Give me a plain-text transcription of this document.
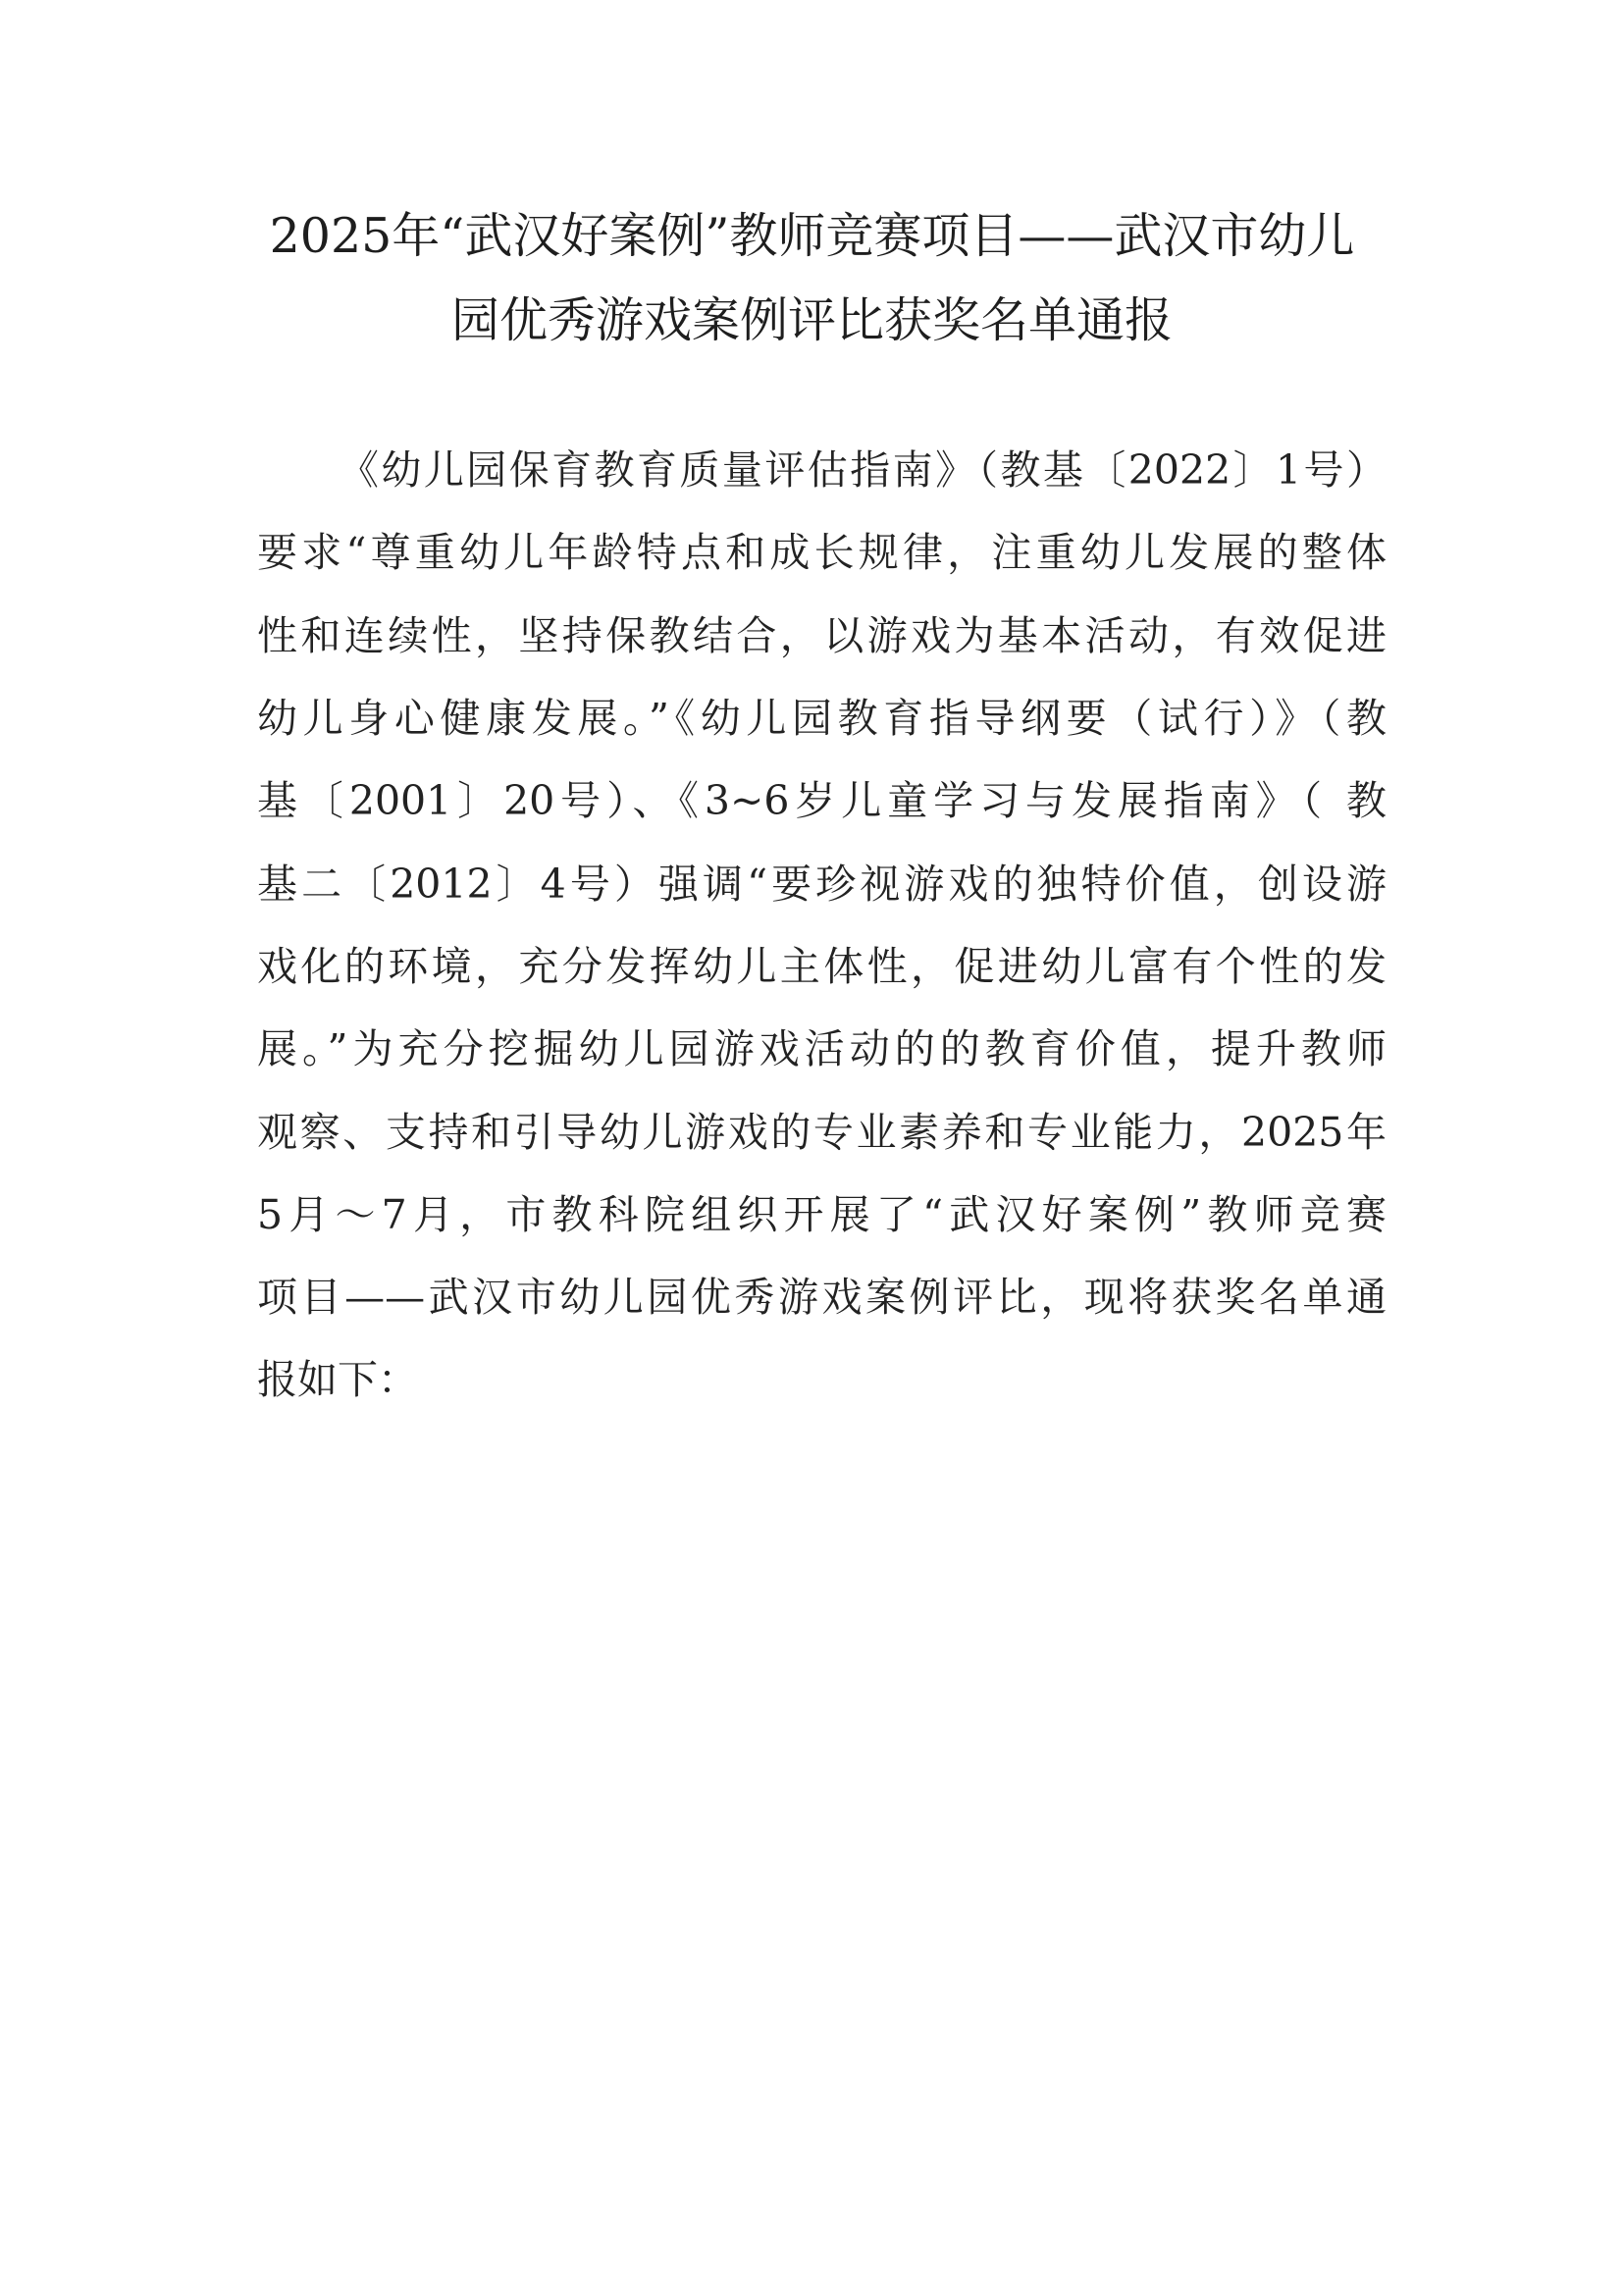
2025年“武汉好案例”教师竞赛项目——武汉市幼儿
园优秀游戏案例评比获奖名单通报

《幼儿园保育教育质量评估指南》（教基〔2022〕1号）

要求“尊重幼儿年龄特点和成长规律，注重幼儿发展的整体

性和连续性，坚持保教结合，以游戏为基本活动，有效促进

幼儿身心健康发展。”《幼儿园教育指导纲要（试行）》（教

基〔2001〕20号）、《3~6岁儿童学习与发展指南》（ 教

基二〔2012〕4号）强调“要珍视游戏的独特价值，创设游

戏化的环境，充分发挥幼儿主体性，促进幼儿富有个性的发

展。”为充分挖掘幼儿园游戏活动的的教育价值，提升教师

观察、支持和引导幼儿游戏的专业素养和专业能力，2025年

5月～7月，市教科院组织开展了“武汉好案例”教师竞赛

项目——武汉市幼儿园优秀游戏案例评比，现将获奖名单通

报如下：
